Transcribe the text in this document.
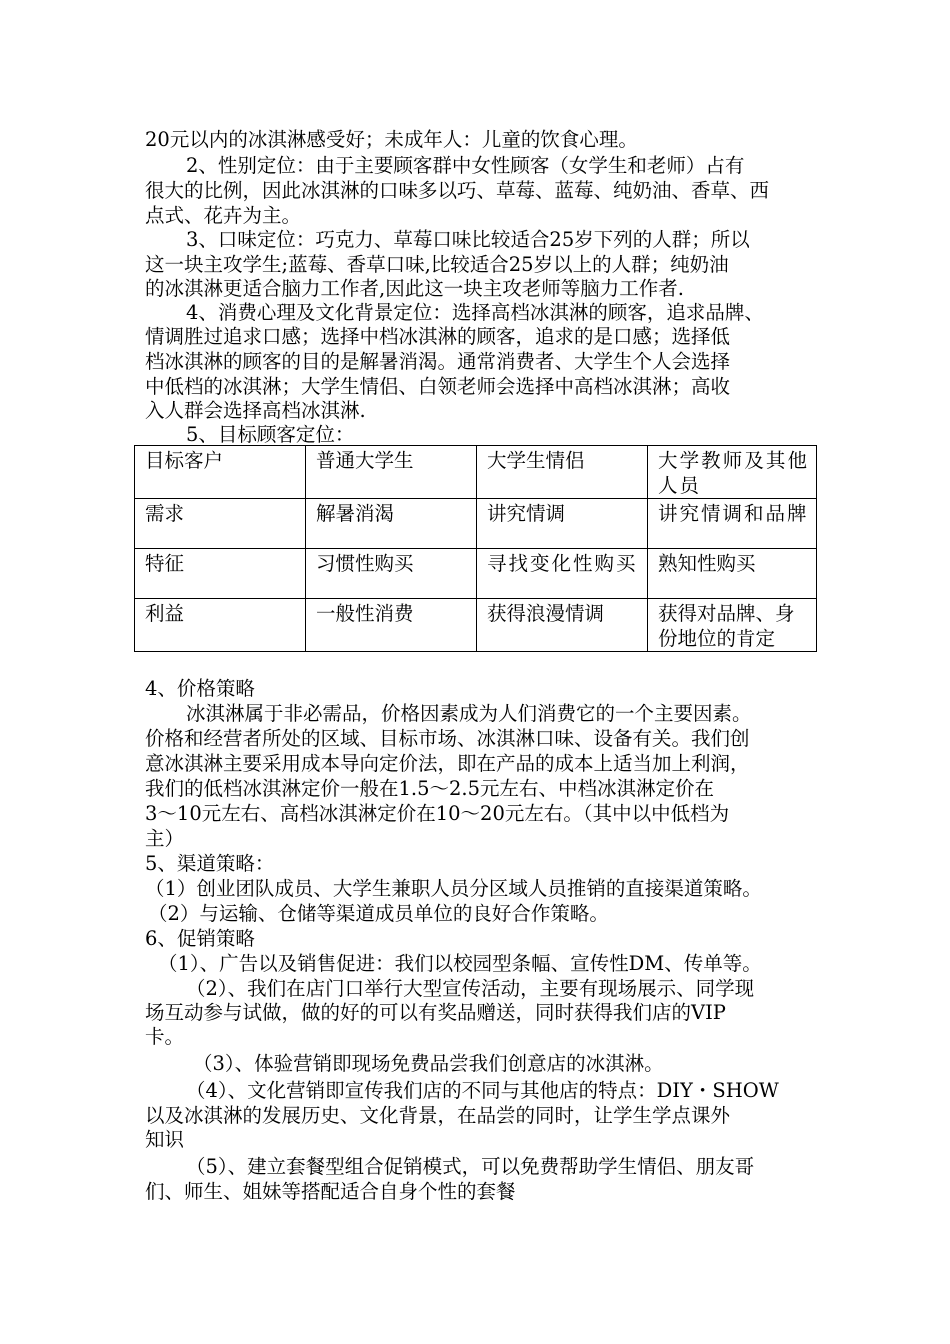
20元以内的冰淇淋感受好；未成年人：儿童的饮食心理。
2、性别定位：由于主要顾客群中女性顾客（女学生和老师）占有
很大的比例，因此冰淇淋的口味多以巧、草莓、蓝莓、纯奶油、香草、西
点式、花卉为主。
3、口味定位：巧克力、草莓口味比较适合25岁下列的人群；所以
这一块主攻学生;蓝莓、香草口味,比较适合25岁以上的人群；纯奶油
的冰淇淋更适合脑力工作者,因此这一块主攻老师等脑力工作者.
4、消费心理及文化背景定位：选择高档冰淇淋的顾客，追求品牌、
情调胜过追求口感；选择中档冰淇淋的顾客，追求的是口感；选择低
档冰淇淋的顾客的目的是解暑消渴。通常消费者、大学生个人会选择
中低档的冰淇淋；大学生情侣、白领老师会选择中高档冰淇淋；高收
入人群会选择高档冰淇淋.
5、目标顾客定位：
目标客户	普通大学生	大学生情侣	大学教师及其他人员
需求	解暑消渴	讲究情调	讲究情调和品牌
特征	习惯性购买	寻找变化性购买	熟知性购买
利益	一般性消费	获得浪漫情调	获得对品牌、身份地位的肯定
4、价格策略
冰淇淋属于非必需品，价格因素成为人们消费它的一个主要因素。
价格和经营者所处的区域、目标市场、冰淇淋口味、设备有关。我们创
意冰淇淋主要采用成本导向定价法，即在产品的成本上适当加上利润，
我们的低档冰淇淋定价一般在1.5～2.5元左右、中档冰淇淋定价在
3～10元左右、高档冰淇淋定价在10～20元左右。（其中以中低档为
主）
5、渠道策略：
（1）创业团队成员、大学生兼职人员分区域人员推销的直接渠道策略。
（2）与运输、仓储等渠道成员单位的良好合作策略。
6、促销策略
（1）、广告以及销售促进：我们以校园型条幅、宣传性DM、传单等。
（2）、我们在店门口举行大型宣传活动，主要有现场展示、同学现
场互动参与试做，做的好的可以有奖品赠送，同时获得我们店的VIP
卡。
（3）、体验营销即现场免费品尝我们创意店的冰淇淋。
（4）、文化营销即宣传我们店的不同与其他店的特点：DIY・SHOW
以及冰淇淋的发展历史、文化背景，在品尝的同时，让学生学点课外
知识
（5）、建立套餐型组合促销模式，可以免费帮助学生情侣、朋友哥
们、师生、姐妹等搭配适合自身个性的套餐
